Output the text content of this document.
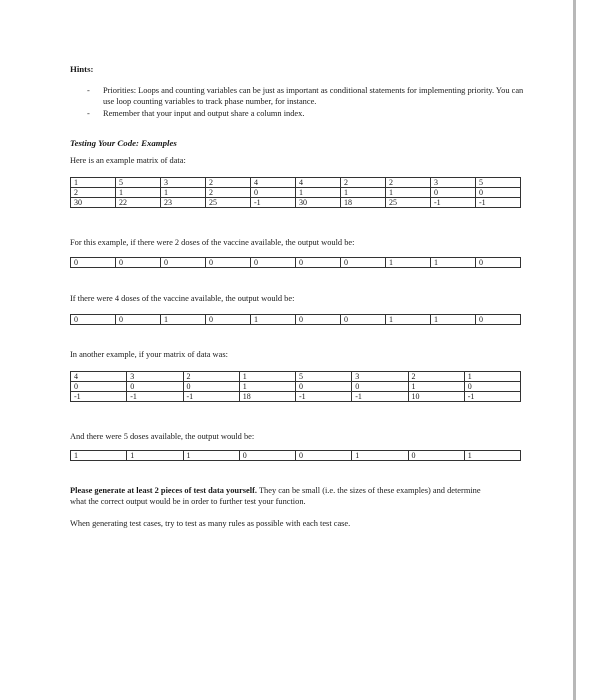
Hints:
- Priorities: Loops and counting variables can be just as important as conditional statements for implementing priority. You can use loop counting variables to track phase number, for instance.
- Remember that your input and output share a column index.
Testing Your Code: Examples
Here is an example matrix of data:
1	5	3	2	4	4	2	2	3	5
2	1	1	2	0	1	1	1	0	0
30	22	23	25	-1	30	18	25	-1	-1
For this example, if there were 2 doses of the vaccine available, the output would be:
0	0	0	0	0	0	0	1	1	0
If there were 4 doses of the vaccine available, the output would be:
0	0	1	0	1	0	0	1	1	0
In another example, if your matrix of data was:
4	3	2	1	5	3	2	1
0	0	0	1	0	0	1	0
-1	-1	-1	18	-1	-1	10	-1
And there were 5 doses available, the output would be:
1	1	1	0	0	1	0	1
Please generate at least 2 pieces of test data yourself. They can be small (i.e. the sizes of these examples) and determine what the correct output would be in order to further test your function.
When generating test cases, try to test as many rules as possible with each test case.
